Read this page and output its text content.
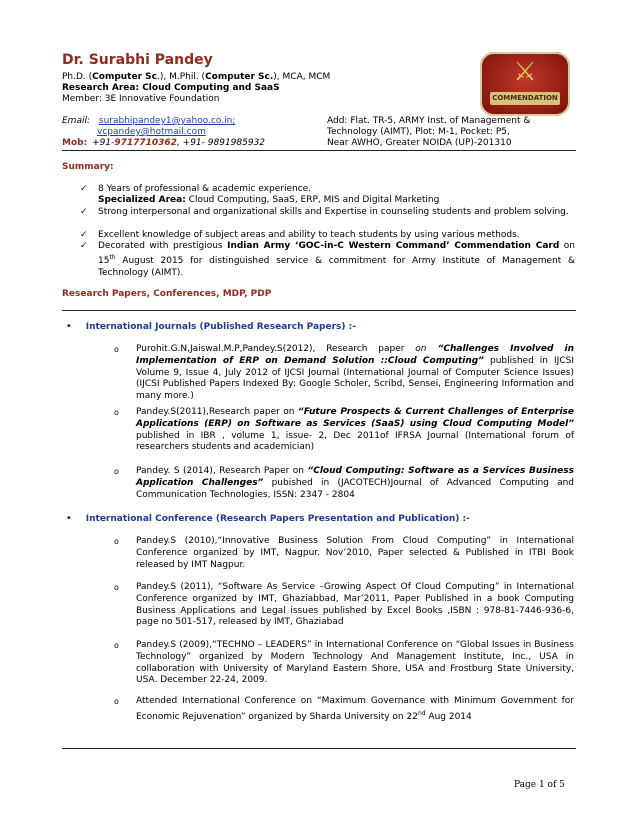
Dr. Surabhi Pandey
Ph.D. (Computer Sc.), M.Phil. (Computer Sc.), MCA, MCM
Research Area: Cloud Computing and SaaS
Member: 3E Innovative Foundation
⚔
COMMENDATION
Email: surabhipandey1@yahoo.co.in;
vcpandey@hotmail.com
Mob: +91-9717710362, +91- 9891985932
Add: Flat. TR-5, ARMY Inst. of Management &
Technology (AIMT), Plot: M-1, Pocket: P5,
Near AWHO, Greater NOIDA (UP)-201310
Summary:
✓ 8 Years of professional & academic experience.
Specialized Area: Cloud Computing, SaaS, ERP, MIS and Digital Marketing
✓ Strong interpersonal and organizational skills and Expertise in counseling students and problem solving.
✓ Excellent knowledge of subject areas and ability to teach students by using various methods.
✓ Decorated with prestigious Indian Army ‘GOC-in-C Western Command’ Commendation Card on 15th August 2015 for distinguished service & commitment for Army Institute of Management & Technology (AIMT).
Research Papers, Conferences, MDP, PDP
• International Journals (Published Research Papers) :-
o Purohit.G.N,Jaiswal.M.P,Pandey.S(2012), Research paper on “Challenges Involved in Implementation of ERP on Demand Solution ::Cloud Computing” published in IJCSI Volume 9, Issue 4, July 2012 of IJCSI Journal (International Journal of Computer Science Issues) (IJCSI Published Papers Indexed By: Google Scholer, Scribd, Sensei, Engineering Information and many more.)
o Pandey.S(2011),Research paper on “Future Prospects & Current Challenges of Enterprise Applications (ERP) on Software as Services (SaaS) using Cloud Computing Model” published in IBR , volume 1, issue- 2, Dec 2011of IFRSA Journal (International forum of researchers students and academician)
o Pandey. S (2014), Research Paper on “Cloud Computing: Software as a Services Business Application Challenges” pubished in (JACOTECH)Journal of Advanced Computing and Communication Technologies, ISSN: 2347 - 2804
• International Conference (Research Papers Presentation and Publication) :-
o Pandey.S (2010),“Innovative Business Solution From Cloud Computing” in International Conference organized by IMT, Nagpur. Nov’2010, Paper selected & Published in ITBI Book released by IMT Nagpur.
o Pandey.S (2011), “Software As Service –Growing Aspect Of Cloud Computing” in International Conference organized by IMT, Ghaziabbad, Mar’2011, Paper Published in a book Computing Business Applications and Legal issues published by Excel Books ,ISBN : 978-81-7446-936-6, page no 501-517, released by IMT, Ghaziabad
o Pandey.S (2009),“TECHNO – LEADERS” in International Conference on “Global Issues in Business Technology” organized by Modern Technology And Management Institute, Inc., USA in collaboration with University of Maryland Eastern Shore, USA and Frostburg State University, USA. December 22-24, 2009.
o Attended International Conference on “Maximum Governance with Minimum Government for Economic Rejuvenation” organized by Sharda University on 22nd Aug 2014
Page 1 of 5
